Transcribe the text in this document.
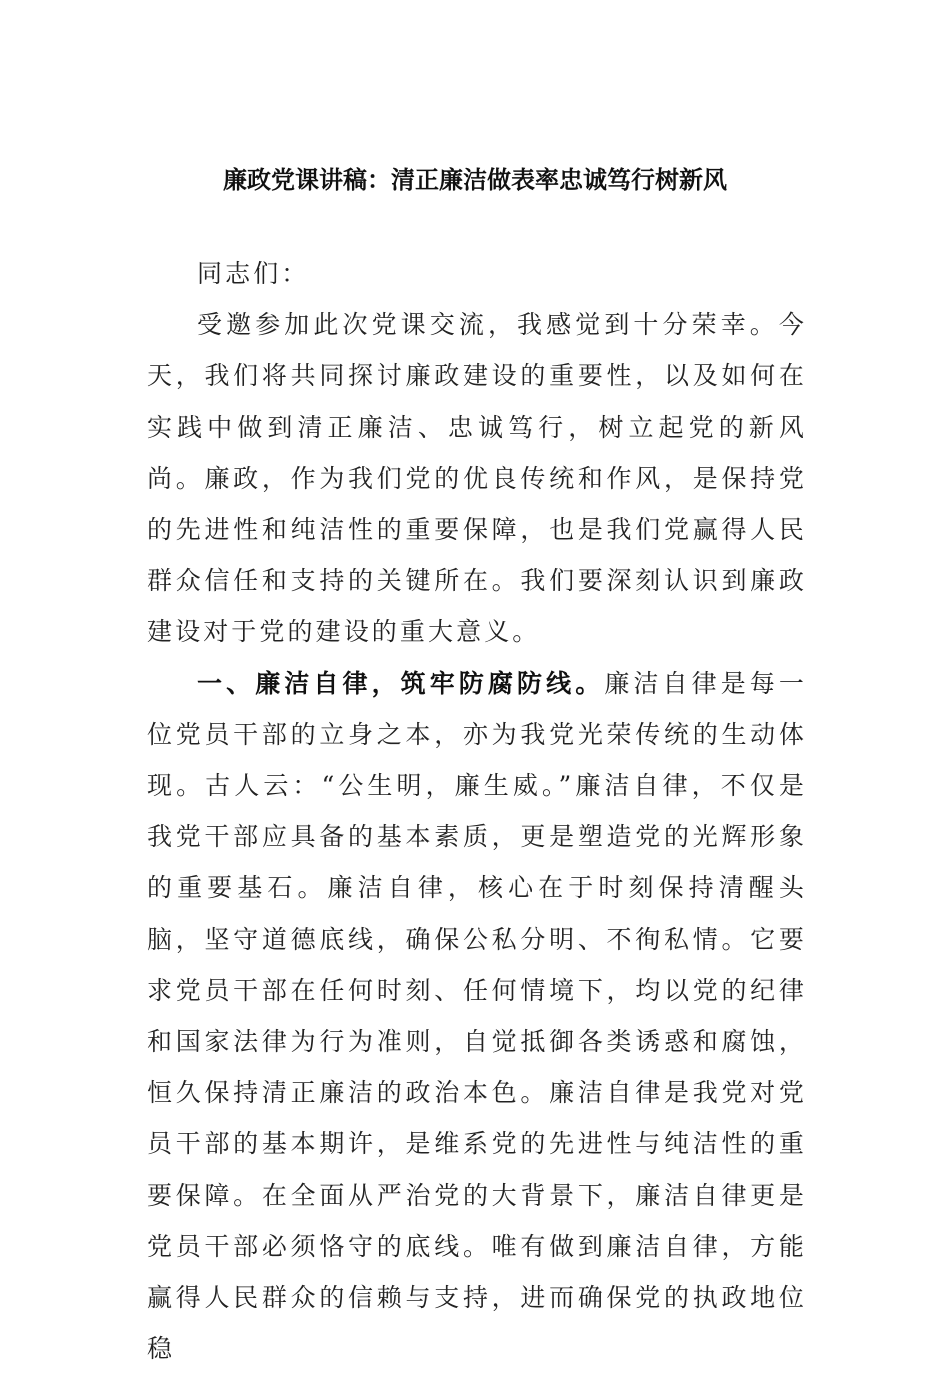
廉政党课讲稿：清正廉洁做表率忠诚笃行树新风

同志们：

受邀参加此次党课交流，我感觉到十分荣幸。今天，我们将共同探讨廉政建设的重要性，以及如何在实践中做到清正廉洁、忠诚笃行，树立起党的新风尚。廉政，作为我们党的优良传统和作风，是保持党的先进性和纯洁性的重要保障，也是我们党赢得人民群众信任和支持的关键所在。我们要深刻认识到廉政建设对于党的建设的重大意义。

一、廉洁自律，筑牢防腐防线。廉洁自律是每一位党员干部的立身之本，亦为我党光荣传统的生动体现。古人云：“公生明，廉生威。”廉洁自律，不仅是我党干部应具备的基本素质，更是塑造党的光辉形象的重要基石。廉洁自律，核心在于时刻保持清醒头脑，坚守道德底线，确保公私分明、不徇私情。它要求党员干部在任何时刻、任何情境下，均以党的纪律和国家法律为行为准则，自觉抵御各类诱惑和腐蚀，恒久保持清正廉洁的政治本色。廉洁自律是我党对党员干部的基本期许，是维系党的先进性与纯洁性的重要保障。在全面从严治党的大背景下，廉洁自律更是党员干部必须恪守的底线。唯有做到廉洁自律，方能赢得人民群众的信赖与支持，进而确保党的执政地位稳
